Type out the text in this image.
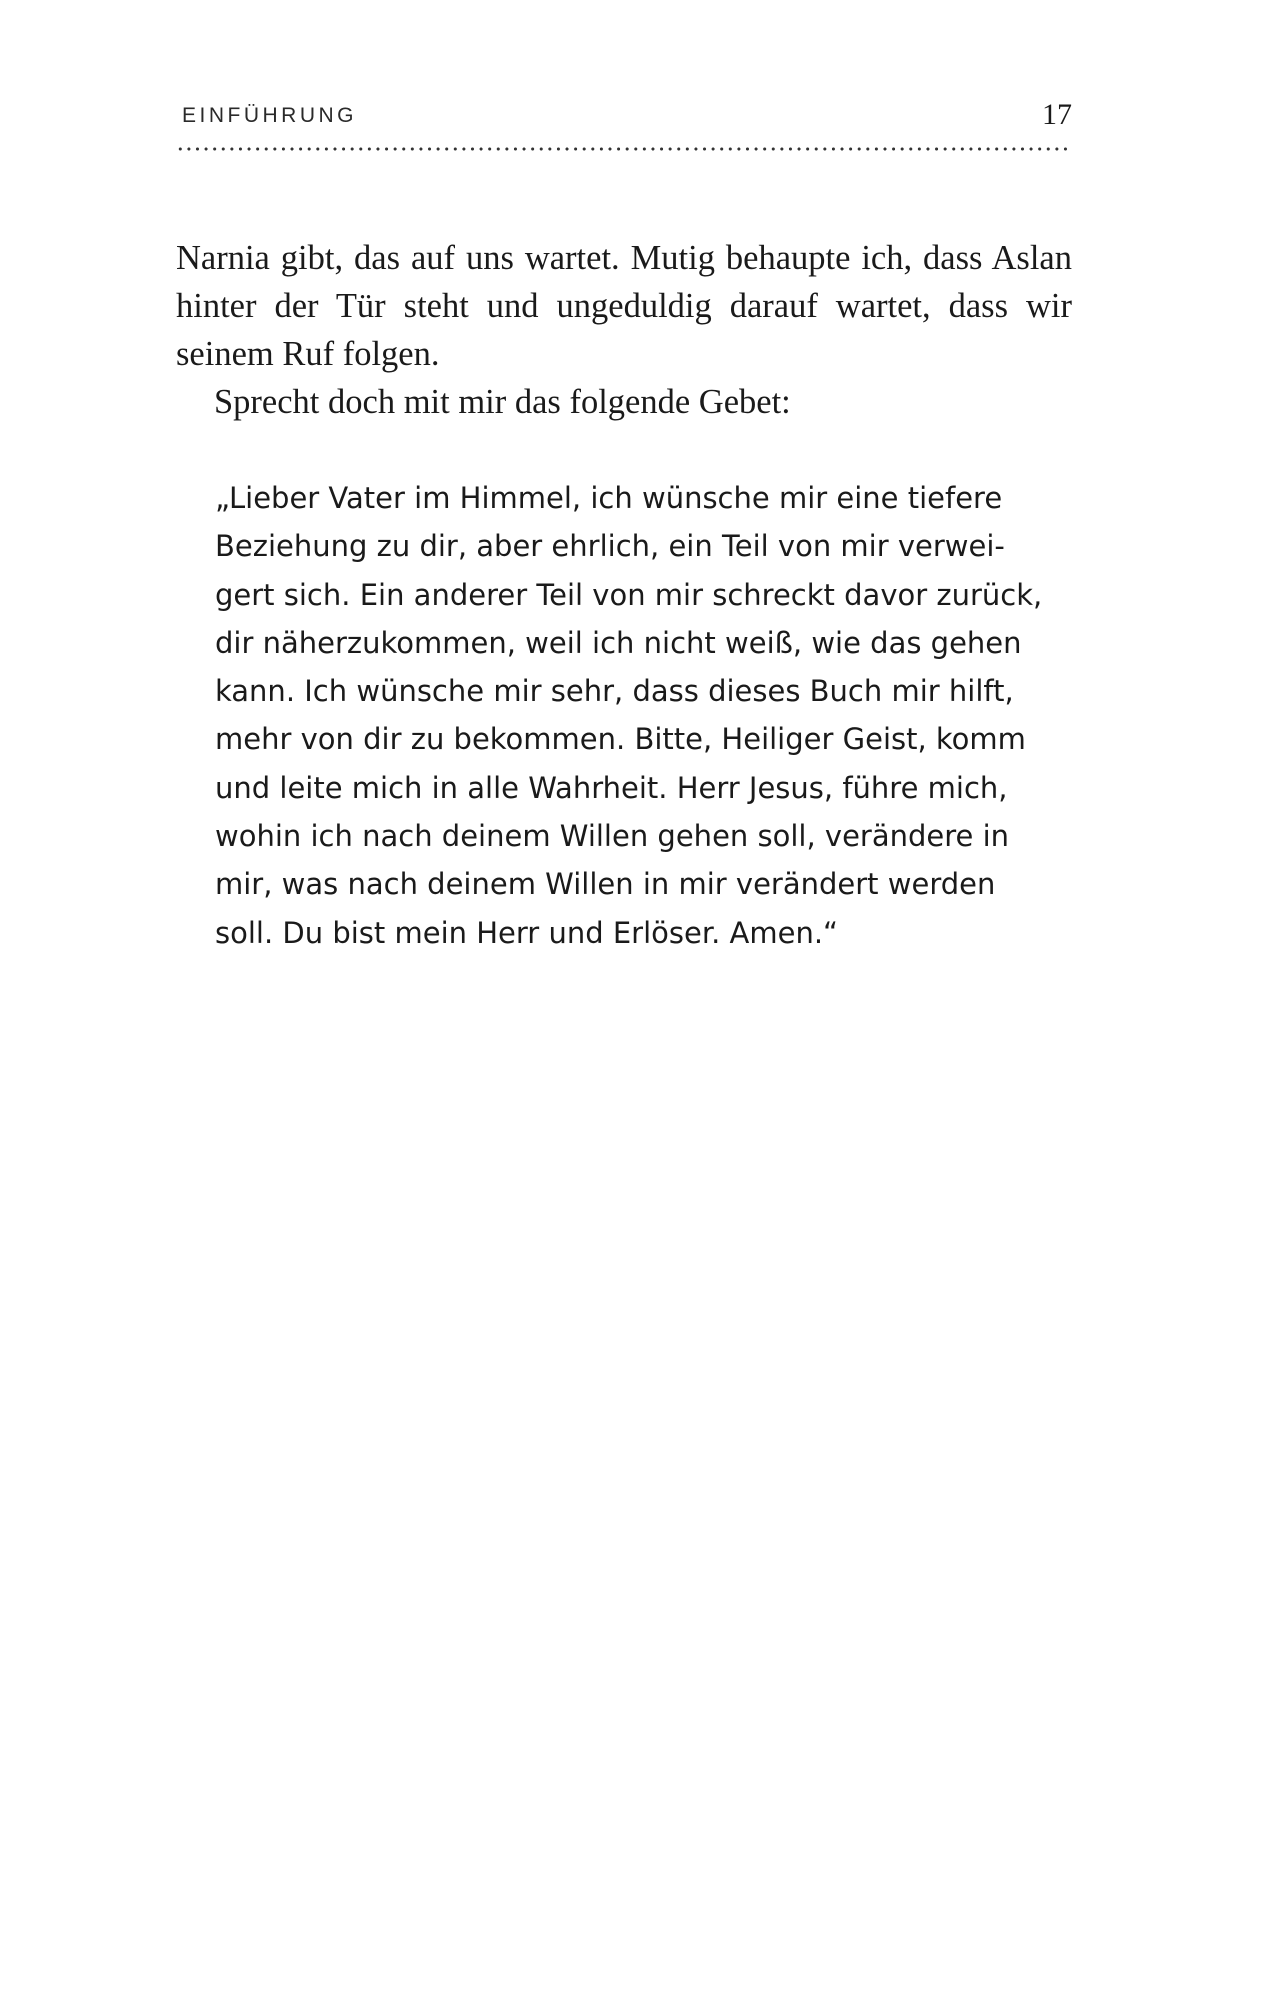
EINFÜHRUNG	17

Narnia gibt, das auf uns wartet. Mutig behaupte ich, dass Aslan hinter der Tür steht und ungeduldig darauf wartet, dass wir seinem Ruf folgen.

Sprecht doch mit mir das folgende Gebet:

„Lieber Vater im Himmel, ich wünsche mir eine tiefere
Beziehung zu dir, aber ehrlich, ein Teil von mir verwei-
gert sich. Ein anderer Teil von mir schreckt davor zurück,
dir näherzukommen, weil ich nicht weiß, wie das gehen
kann. Ich wünsche mir sehr, dass dieses Buch mir hilft,
mehr von dir zu bekommen. Bitte, Heiliger Geist, komm
und leite mich in alle Wahrheit. Herr Jesus, führe mich,
wohin ich nach deinem Willen gehen soll, verändere in
mir, was nach deinem Willen in mir verändert werden
soll. Du bist mein Herr und Erlöser. Amen.“
